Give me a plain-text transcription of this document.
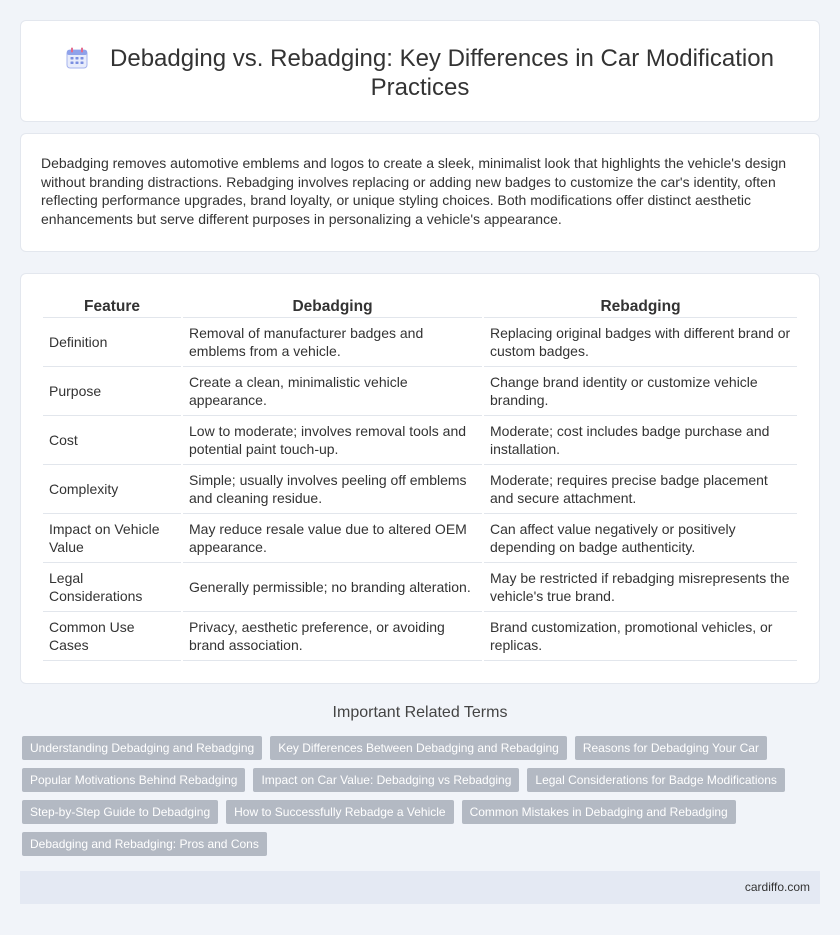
Debadging vs. Rebadging: Key Differences in Car Modification Practices

Debadging removes automotive emblems and logos to create a sleek, minimalist look that highlights the vehicle's design without branding distractions. Rebadging involves replacing or adding new badges to customize the car's identity, often reflecting performance upgrades, brand loyalty, or unique styling choices. Both modifications offer distinct aesthetic enhancements but serve different purposes in personalizing a vehicle's appearance.

Feature	Debadging	Rebadging
Definition	Removal of manufacturer badges and emblems from a vehicle.	Replacing original badges with different brand or custom badges.
Purpose	Create a clean, minimalistic vehicle appearance.	Change brand identity or customize vehicle branding.
Cost	Low to moderate; involves removal tools and potential paint touch-up.	Moderate; cost includes badge purchase and installation.
Complexity	Simple; usually involves peeling off emblems and cleaning residue.	Moderate; requires precise badge placement and secure attachment.
Impact on Vehicle Value	May reduce resale value due to altered OEM appearance.	Can affect value negatively or positively depending on badge authenticity.
Legal Considerations	Generally permissible; no branding alteration.	May be restricted if rebadging misrepresents the vehicle's true brand.
Common Use Cases	Privacy, aesthetic preference, or avoiding brand association.	Brand customization, promotional vehicles, or replicas.
Important Related Terms
Understanding Debadging and Rebadging	Key Differences Between Debadging and Rebadging	Reasons for Debadging Your Car
Popular Motivations Behind Rebadging	Impact on Car Value: Debadging vs Rebadging	Legal Considerations for Badge Modifications
Step-by-Step Guide to Debadging	How to Successfully Rebadge a Vehicle	Common Mistakes in Debadging and Rebadging
Debadging and Rebadging: Pros and Cons
cardiffo.com
